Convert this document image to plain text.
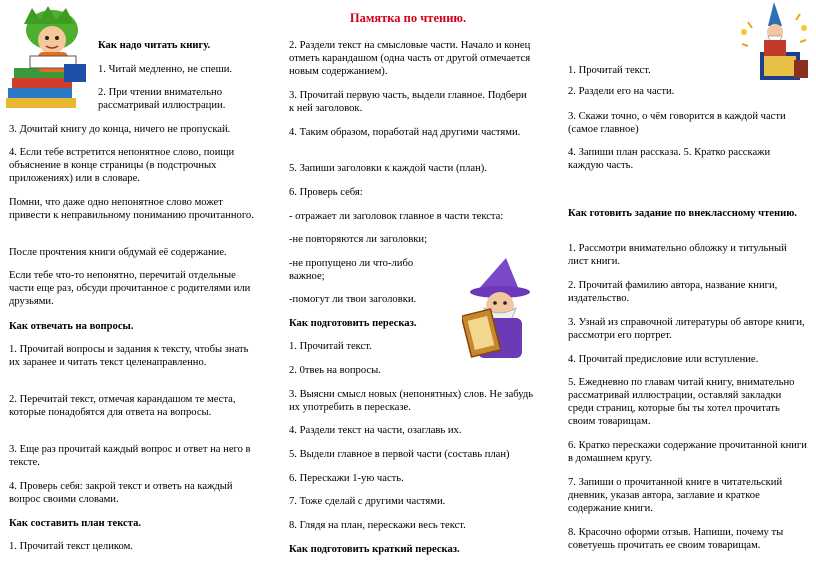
Памятка по чтению.

Как надо читать книгу.

1. Читай медленно, не спеши.

2. При чтении внимательно рассматривай иллюстрации.

3. Дочитай книгу до конца, ничего не пропускай.

4. Если тебе встретится непонятное слово, поищи объяснение в конце страницы (в подстрочных приложениях) или в словаре.

Помни, что даже одно непонятное слово может привести к неправильному пониманию прочитанного.

После прочтения книги обдумай её содержание.

Если тебе что-то непонятно, перечитай отдельные части еще раз, обсуди прочитанное с родителями или друзьями.

Как отвечать на вопросы.

1. Прочитай вопросы и задания к тексту, чтобы знать их заранее и читать текст целенаправленно.

2. Перечитай текст, отмечая карандашом те места, которые понадобятся для ответа на вопросы.

3. Еще раз прочитай каждый вопрос и ответ на него в тексте.

4. Проверь себя: закрой текст и ответь на каждый вопрос своими словами.

Как составить план текста.

1. Прочитай текст целиком.

2. Раздели текст на смысловые части. Начало и конец отметь карандашом (одна часть от другой отмечается новым содержанием).

3. Прочитай первую часть, выдели главное. Подбери к ней заголовок.

4. Таким образом, поработай над другими частями.

5. Запиши заголовки к каждой части (план).

6. Проверь себя:

- отражает ли заголовок главное в части текста:

-не повторяются ли заголовки;

-не пропущено ли что-либо важное;

-помогут ли твои заголовки.

Как подготовить пересказ.

1. Прочитай текст.

2. 0твеь на вопросы.

3. Выясни смысл новых (непонятных) слов. Не забудь их употребить в пересказе.

4. Раздели текст на части, озаглавь их.

5. Выдели главное в первой части (составь план)

6. Перескажи 1-ую часть.

7. Тоже сделай с другими частями.

8. Глядя на план, перескажи весь текст.

Как подготовить краткий пересказ.

1. Прочитай текст.

2. Раздели его на части.

3. Скажи точно, о чём говорится в каждой части (самое главное)

4. Запиши план рассказа. 5. Кратко расскажи каждую часть.

Как готовить задание по внеклассному чтению.

1. Рассмотри внимательно обложку и титульный лист книги.

2. Прочитай фамилию автора, название книги, издательство.

3. Узнай из справочной литературы об авторе книги, рассмотри его портрет.

4. Прочитай предисловие или вступление.

5. Ежедневно по главам читай книгу, внимательно рассматривай иллюстрации, оставляй закладки среди страниц, которые бы ты хотел прочитать своим товарищам.

6. Кратко перескажи содержание прочитанной книги в домашнем кругу.

7. Запиши о прочитанной книге в читательский дневник, указав автора, заглавие и краткое содержание книги.

8. Красочно оформи отзыв. Напиши, почему ты советуешь прочитать ее своим товарищам.
